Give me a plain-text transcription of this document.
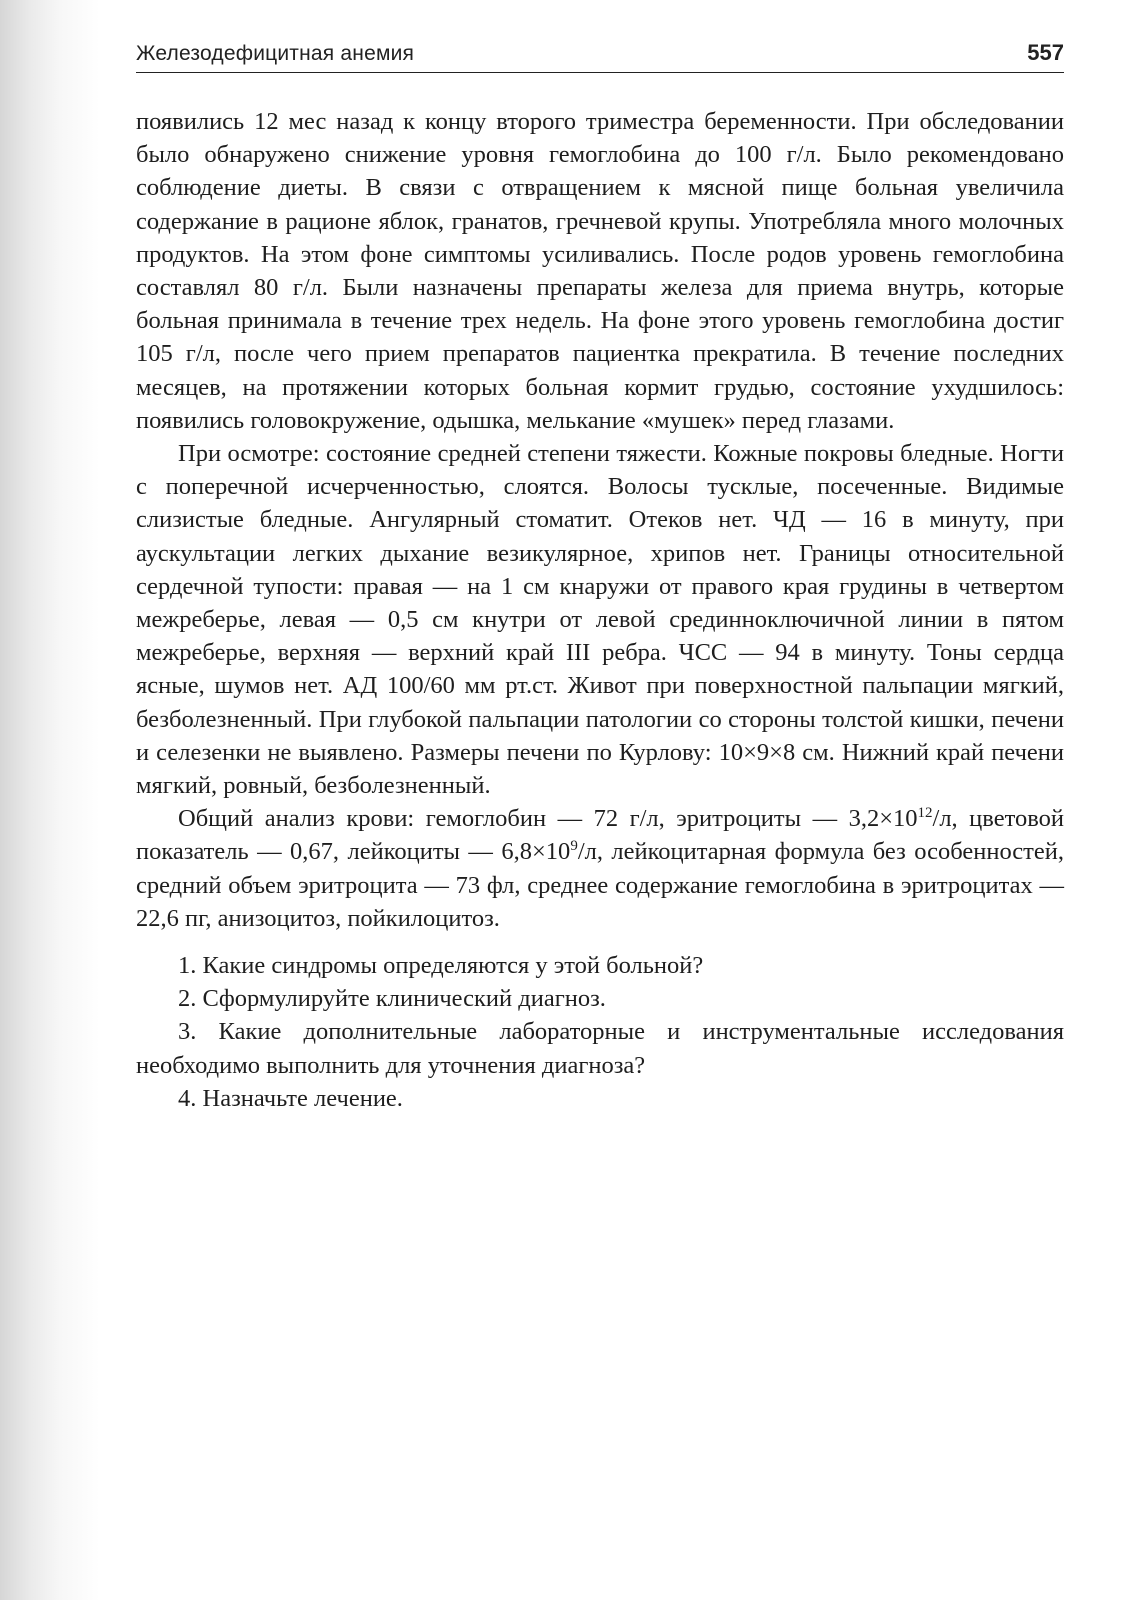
Железодефицитная анемия	557

появились 12 мес назад к концу второго триместра беременности. При обследовании было обнаружено снижение уровня гемоглобина до 100 г/л. Было рекомендовано соблюдение диеты. В связи с отвращением к мясной пище больная увеличила содержание в рационе яблок, гранатов, гречневой крупы. Употребляла много молочных продуктов. На этом фоне симптомы усиливались. После родов уровень гемоглобина составлял 80 г/л. Были назначены препараты железа для приема внутрь, которые больная принимала в течение трех недель. На фоне этого уровень гемоглобина достиг 105 г/л, после чего прием препаратов пациентка прекратила. В течение последних месяцев, на протяжении которых больная кормит грудью, состояние ухудшилось: появились головокружение, одышка, мелькание «мушек» перед глазами.

При осмотре: состояние средней степени тяжести. Кожные покровы бледные. Ногти с поперечной исчерченностью, слоятся. Волосы тусклые, посеченные. Видимые слизистые бледные. Ангулярный стоматит. Отеков нет. ЧД — 16 в минуту, при аускультации легких дыхание везикулярное, хрипов нет. Границы относительной сердечной тупости: правая — на 1 см кнаружи от правого края грудины в четвертом межреберье, левая — 0,5 см кнутри от левой срединноключичной линии в пятом межреберье, верхняя — верхний край III ребра. ЧСС — 94 в минуту. Тоны сердца ясные, шумов нет. АД 100/60 мм рт.ст. Живот при поверхностной пальпации мягкий, безболезненный. При глубокой пальпации патологии со стороны толстой кишки, печени и селезенки не выявлено. Размеры печени по Курлову: 10×9×8 см. Нижний край печени мягкий, ровный, безболезненный.

Общий анализ крови: гемоглобин — 72 г/л, эритроциты — $3,2\times 10^{12}/л$, цветовой показатель — 0,67, лейкоциты — $6,8\times 10^9/л$, лейкоцитарная формула без особенностей, средний объем эритроцита — 73 фл, среднее содержание гемоглобина в эритроцитах — 22,6 пг, анизоцитоз, пойкилоцитоз.

1. Какие синдромы определяются у этой больной?
2. Сформулируйте клинический диагноз.
3. Какие дополнительные лабораторные и инструментальные исследования необходимо выполнить для уточнения диагноза?
4. Назначьте лечение.
